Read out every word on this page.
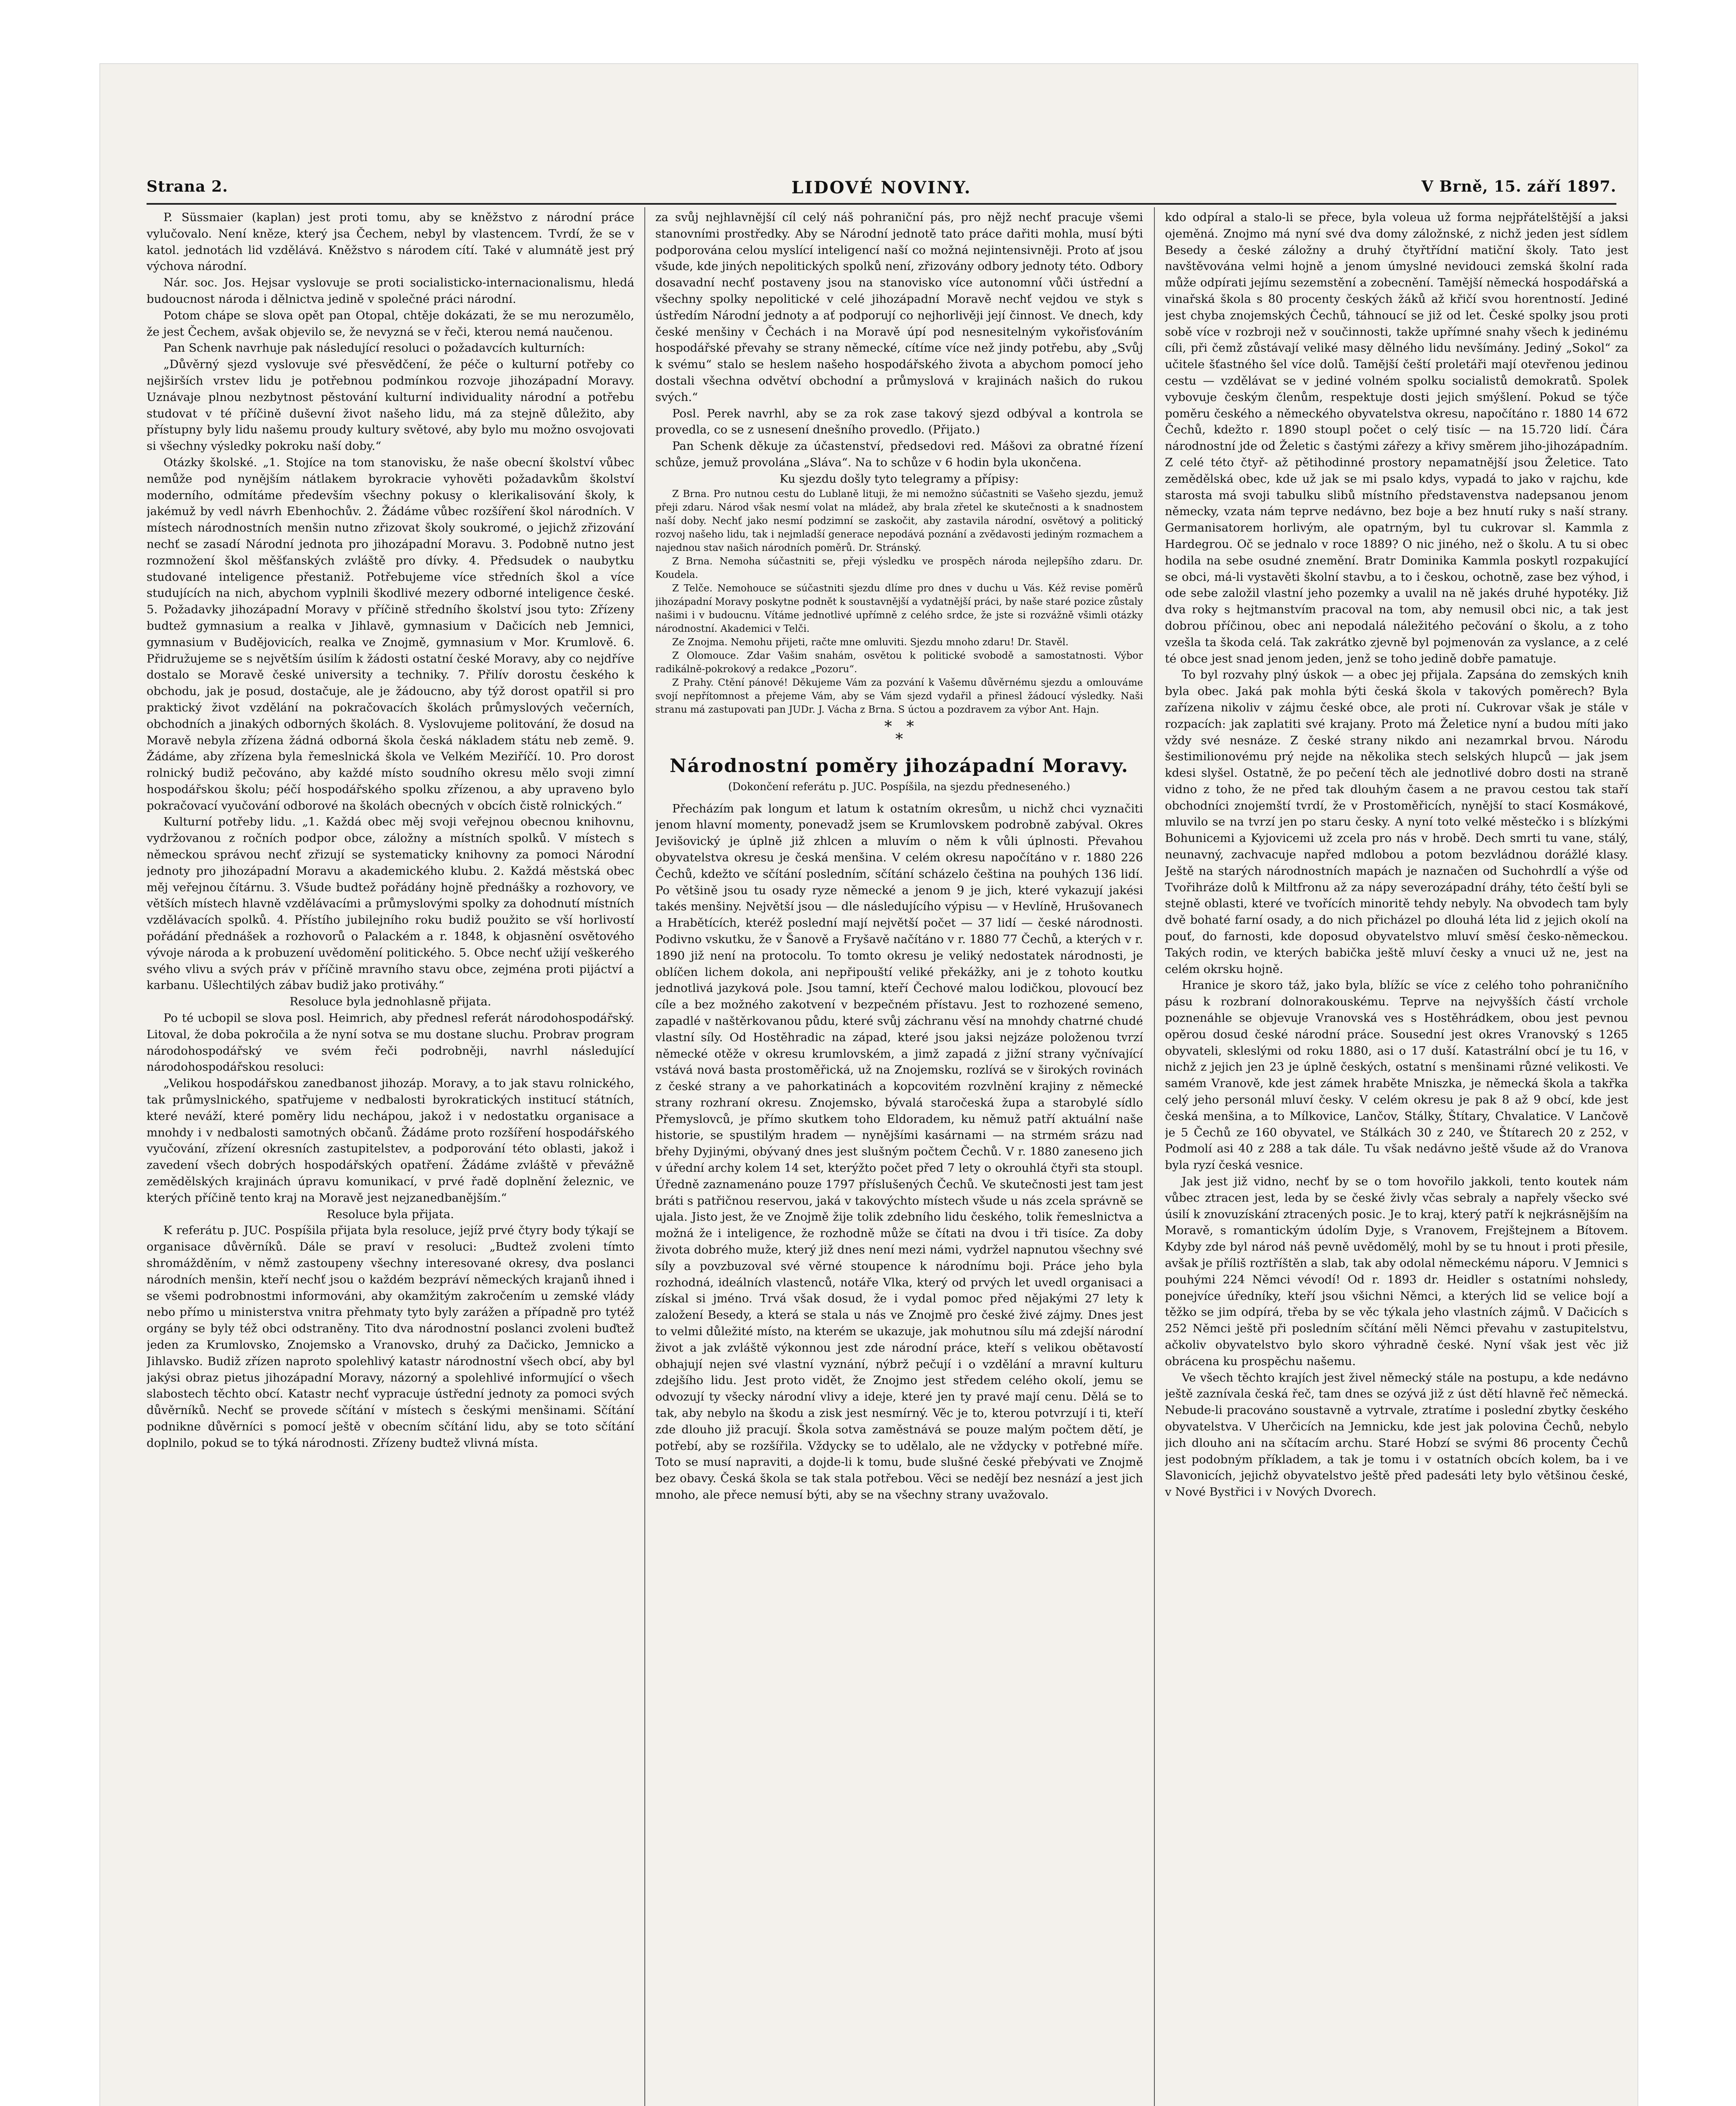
Strana 2.	LIDOVÉ NOVINY.	V Brně, 15. září 1897.

P. Süssmaier (kaplan) jest proti tomu, aby se kněžstvo z národní práce vylučovalo. Není kněze, který jsa Čechem, nebyl by vlastencem. Tvrdí, že se v katol. jednotách lid vzdělává. Kněžstvo s národem cítí. Také v alumnátě jest prý výchova národní.

Nár. soc. Jos. Hejsar vyslovuje se proti socialisticko-internacionalismu, hledá budoucnost národa i dělnictva jedině v společné práci národní.

Potom chápe se slova opět pan Otopal, chtěje dokázati, že se mu nerozumělo, že jest Čechem, avšak objevilo se, že nevyzná se v řeči, kterou nemá naučenou.

Pan Schenk navrhuje pak následující resoluci o požadavcích kulturních:

„Důvěrný sjezd vyslovuje své přesvědčení, že péče o kulturní potřeby co nejširších vrstev lidu je potřebnou podmínkou rozvoje jihozápadní Moravy. Uznávaje plnou nezbytnost pěstování kulturní individuality národní a potřebu studovat v té příčině duševní život našeho lidu, má za stejně důležito, aby přístupny byly lidu našemu proudy kultury světové, aby bylo mu možno osvojovati si všechny výsledky pokroku naší doby.“

Otázky školské. „1. Stojíce na tom stanovisku, že naše obecní školství vůbec nemůže pod nynějším nátlakem byrokracie vyhověti požadavkům školství moderního, odmítáme především všechny pokusy o klerikalisování školy, k jakémuž by vedl návrh Ebenhochův. 2. Žádáme vůbec rozšíření škol národních. V místech národnostních menšin nutno zřizovat školy soukromé, o jejichž zřizování nechť se zasadí Národní jednota pro jihozápadní Moravu. 3. Podobně nutno jest rozmnožení škol měšťanských zvláště pro dívky. 4. Předsudek o naubytku studované inteligence přestaniž. Potřebujeme více středních škol a více studujících na nich, abychom vyplnili škodlivé mezery odborné inteligence české. 5. Požadavky jihozápadní Moravy v příčině středního školství jsou tyto: Zřízeny budtež gymnasium a realka v Jihlavě, gymnasium v Dačicích neb Jemnici, gymnasium v Budějovicích, realka ve Znojmě, gymnasium v Mor. Krumlově. 6. Přidružujeme se s největším úsilím k žádosti ostatní české Moravy, aby co nejdříve dostalo se Moravě české university a techniky. 7. Přilív dorostu českého k obchodu, jak je posud, dostačuje, ale je žádoucno, aby týž dorost opatřil si pro praktický život vzdělání na pokračovacích školách průmyslových večerních, obchodních a jinakých odborných školách. 8. Vyslovujeme politování, že dosud na Moravě nebyla zřízena žádná odborná škola česká nákladem státu neb země. 9. Žádáme, aby zřízena byla řemeslnická škola ve Velkém Meziříčí. 10. Pro dorost rolnický budiž pečováno, aby každé místo soudního okresu mělo svoji zimní hospodářskou školu; péčí hospodářského spolku zřízenou, a aby upraveno bylo pokračovací vyučování odborové na školách obecných v obcích čistě rolnických.“

Kulturní potřeby lidu. „1. Každá obec měj svoji veřejnou obecnou knihovnu, vydržovanou z ročních podpor obce, záložny a místních spolků. V místech s německou správou nechť zřizují se systematicky knihovny za pomoci Národní jednoty pro jihozápadní Moravu a akademického klubu. 2. Každá městská obec měj veřejnou čítárnu. 3. Všude budtež pořádány hojně přednášky a rozhovory, ve větších místech hlavně vzdělávacími a průmyslovými spolky za dohodnutí místních vzdělávacích spolků. 4. Přístího jubilejního roku budiž použito se vší horlivostí pořádání přednášek a rozhovorů o Palackém a r. 1848, k objasnění osvětového vývoje národa a k probuzení uvědomění politického. 5. Obce nechť užijí veškerého svého vlivu a svých práv v příčině mravního stavu obce, zejména proti pijáctví a karbanu. Ušlechtilých zábav budiž jako protiváhy.“

Resoluce byla jednohlasně přijata.

Po té ucbopil se slova posl. Heimrich, aby přednesl referát národohospodářský. Litoval, že doba pokročila a že nyní sotva se mu dostane sluchu. Probrav program národohospodářský ve svém řeči podrobněji, navrhl následující národohospodářskou resoluci:

„Velikou hospodářskou zanedbanost jihozáp. Moravy, a to jak stavu rolnického, tak průmyslnického, spatřujeme v nedbalosti byrokratických institucí státních, které neváží, které poměry lidu nechápou, jakož i v nedostatku organisace a mnohdy i v nedbalosti samotných občanů. Žádáme proto rozšíření hospodářského vyučování, zřízení okresních zastupitelstev, a podporování této oblasti, jakož i zavedení všech dobrých hospodářských opatření. Žádáme zvláště v převážně zemědělských krajinách úpravu komunikací, v prvé řadě doplnění železnic, ve kterých příčině tento kraj na Moravě jest nejzanedbanějším.“

Resoluce byla přijata.

K referátu p. JUC. Pospíšila přijata byla resoluce, jejíž prvé čtyry body týkají se organisace důvěrníků. Dále se praví v resoluci: „Budtež zvoleni tímto shromážděním, v němž zastoupeny všechny interesované okresy, dva poslanci národních menšin, kteří nechť jsou o každém bezpráví německých krajanů ihned i se všemi podrobnostmi informováni, aby okamžitým zakročením u zemské vlády nebo přímo u ministerstva vnitra přehmaty tyto byly zarážen a případně pro tytéž orgány se byly též obci odstraněny. Tito dva národnostní poslanci zvoleni buďtež jeden za Krumlovsko, Znojemsko a Vranovsko, druhý za Dačicko, Jemnicko a Jihlavsko. Budiž zřízen naproto spolehlivý katastr národnostní všech obcí, aby byl jakýsi obraz pietus jihozápadní Moravy, názorný a spolehlivé informující o všech slabostech těchto obcí. Katastr nechť vypracuje ústřední jednoty za pomoci svých důvěrníků. Nechť se provede sčítání v místech s českými menšinami. Sčítání podnikne důvěrníci s pomocí ještě v obecním sčítání lidu, aby se toto sčítání doplnilo, pokud se to týká národnosti. Zřízeny budtež vlivná místa.

za svůj nejhlavnější cíl celý náš pohraniční pás, pro nějž nechť pracuje všemi stanovními prostředky. Aby se Národní jednotě tato práce dařiti mohla, musí býti podporována celou myslící inteligencí naší co možná nejintensivněji. Proto ať jsou všude, kde jiných nepolitických spolků není, zřizovány odbory jednoty této. Odbory dosavadní nechť postaveny jsou na stanovisko více autonomní vůči ústřední a všechny spolky nepolitické v celé jihozápadní Moravě nechť vejdou ve styk s ústředím Národní jednoty a ať podporují co nejhorlivěji její činnost. Ve dnech, kdy české menšiny v Čechách i na Moravě úpí pod nesnesitelným vykořisťováním hospodářské převahy se strany německé, cítíme více než jindy potřebu, aby „Svůj k svému“ stalo se heslem našeho hospodářského života a abychom pomocí jeho dostali všechna odvětví obchodní a průmyslová v krajinách našich do rukou svých.“

Posl. Perek navrhl, aby se za rok zase takový sjezd odbýval a kontrola se provedla, co se z usnesení dnešního provedlo. (Přijato.)

Pan Schenk děkuje za účastenství, předsedovi red. Mášovi za obratné řízení schůze, jemuž provolána „Sláva“. Na to schůze v 6 hodin byla ukončena.

Ku sjezdu došly tyto telegramy a přípisy:

Z Brna. Pro nutnou cestu do Lublaně lituji, že mi nemožno súčastniti se Vašeho sjezdu, jemuž přeji zdaru. Národ však nesmí volat na mládež, aby brala zřetel ke skutečnosti a k snadnostem naší doby. Nechť jako nesmí podzimní se zaskočit, aby zastavila národní, osvětový a politický rozvoj našeho lidu, tak i nejmladší generace nepodává poznání a zvědavosti jediným rozmachem a najednou stav našich národních poměrů. Dr. Stránský.

Z Brna. Nemoha súčastniti se, přeji výsledku ve prospěch národa nejlepšího zdaru. Dr. Koudela.

Z Telče. Nemohouce se súčastniti sjezdu dlíme pro dnes v duchu u Vás. Kéž revise poměrů jihozápadní Moravy poskytne podnět k soustavnější a vydatnější práci, by naše staré pozice zůstaly našimi i v budoucnu. Vítáme jednotlivé upřímně z celého srdce, že jste si rozvážně všimli otázky národnostní. Akademici v Telči.

Ze Znojma. Nemohu přijeti, račte mne omluviti. Sjezdu mnoho zdaru! Dr. Stavěl.

Z Olomouce. Zdar Vašim snahám, osvětou k politické svobodě a samostatnosti. Výbor radikálně-pokrokový a redakce „Pozoru“.

Z Prahy. Ctění pánové! Děkujeme Vám za pozvání k Vašemu důvěrnému sjezdu a omlouváme svojí nepřítomnost a přejeme Vám, aby se Vám sjezd vydařil a přinesl žádoucí výsledky. Naši stranu má zastupovati pan JUDr. J. Vácha z Brna. S úctou a pozdravem za výbor Ant. Hajn.

*   *
*
Národnostní poměry jihozápadní Moravy.
(Dokončení referátu p. JUC. Pospíšila, na sjezdu předneseného.)

Přecházím pak longum et latum k ostatním okresům, u nichž chci vyznačiti jenom hlavní momenty, ponevadž jsem se Krumlovskem podrobně zabýval. Okres Jevišovický je úplně již zhlcen a mluvím o něm k vůli úplnosti. Převahou obyvatelstva okresu je česká menšina. V celém okresu napočítáno v r. 1880 226 Čechů, kdežto ve sčítání posledním, sčítání scházelo čeština na pouhých 136 lidí. Po většině jsou tu osady ryze německé a jenom 9 je jich, které vykazují jakési takés menšiny. Největší jsou — dle následujícího výpisu — v Hevlíně, Hrušovanech a Hrabětících, kteréž poslední mají největší počet — 37 lidí — české národnosti. Podivno vskutku, že v Šanově a Fryšavě načítáno v r. 1880 77 Čechů, a kterých v r. 1890 již není na protocolu. To tomto okresu je veliký nedostatek národnosti, je oblíčen lichem dokola, ani nepřipouští veliké překážky, ani je z tohoto koutku jednotlivá jazyková pole. Jsou tamní, kteří Čechové malou lodičkou, plovoucí bez cíle a bez možného zakotvení v bezpečném přístavu. Jest to rozhozené semeno, zapadlé v naštěrkovanou půdu, které svůj záchranu věsí na mnohdy chatrné chudé vlastní síly. Od Hostěhradic na západ, které jsou jaksi nejzáze položenou tvrzí německé otěže v okresu krumlovském, a jimž zapadá z jižní strany vyčnívající vstává nová basta prostoměřická, už na Znojemsku, rozlívá se v širokých rovinách z české strany a ve pahorkatinách a kopcovitém rozvlnění krajiny z německé strany rozhraní okresu. Znojemsko, bývalá staročeská župa a starobylé sídlo Přemyslovců, je přímo skutkem toho Eldoradem, ku němuž patří aktuální naše historie, se spustilým hradem — nynějšími kasárnami — na strmém srázu nad břehy Dyjinými, obývaný dnes jest slušným počtem Čechů. V r. 1880 zaneseno jich v úřední archy kolem 14 set, kterýžto počet před 7 lety o okrouhlá čtyři sta stoupl. Úředně zaznamenáno pouze 1797 příslušených Čechů. Ve skutečnosti jest tam jest bráti s patřičnou reservou, jaká v takovýchto místech všude u nás zcela správně se ujala. Jisto jest, že ve Znojmě žije tolik zdebního lidu českého, tolik řemeslnictva a možná že i inteligence, že rozhodně může se čítati na dvou i tři tisíce. Za doby života dobrého muže, který již dnes není mezi námi, vydržel napnutou všechny své síly a povzbuzoval své věrné stoupence k národnímu boji. Práce jeho byla rozhodná, ideálních vlastenců, notáře Vlka, který od prvých let uvedl organisaci a získal si jméno. Trvá však dosud, že i vydal pomoc před nějakými 27 lety k založení Besedy, a která se stala u nás ve Znojmě pro české živé zájmy. Dnes jest to velmi důležité místo, na kterém se ukazuje, jak mohutnou sílu má zdejší národní život a jak zvláště výkonnou jest zde národní práce, kteří s velikou obětavostí obhajují nejen své vlastní vyznání, nýbrž pečují i o vzdělání a mravní kulturu zdejšího lidu. Jest proto vidět, že Znojmo jest středem celého okolí, jemu se odvozují ty všecky národní vlivy a ideje, které jen ty pravé mají cenu. Dělá se to tak, aby nebylo na škodu a zisk jest nesmírný. Věc je to, kterou potvrzují i ti, kteří zde dlouho již pracují. Škola sotva zaměstnává se pouze malým počtem dětí, je potřebí, aby se rozšířila. Vždycky se to udělalo, ale ne vždycky v potřebné míře. Toto se musí napraviti, a dojde-li k tomu, bude slušné české přebývati ve Znojmě bez obavy. Česká škola se tak stala potřebou. Věci se nedějí bez nesnází a jest jich mnoho, ale přece nemusí býti, aby se na všechny strany uvažovalo.

kdo odpíral a stalo-li se přece, byla voleua už forma nejpřátelštější a jaksi ojeměná. Znojmo má nyní své dva domy záložnské, z nichž jeden jest sídlem Besedy a české záložny a druhý čtyřtřídní matiční školy. Tato jest navštěvována velmi hojně a jenom úmyslné nevidouci zemská školní rada může odpírati jejímu sezemstění a zobecnění. Tamější německá hospodářská a vinařská škola s 80 procenty českých žáků až křičí svou horentností. Jediné jest chyba znojemských Čechů, táhnoucí se již od let. České spolky jsou proti sobě více v rozbroji než v součinnosti, takže upřímné snahy všech k jedinému cíli, při čemž zůstávají veliké masy dělného lidu nevšímány. Jediný „Sokol“ za učitele šťastného šel více dolů. Tamější čeští proletáři mají otevřenou jedinou cestu — vzdělávat se v jediné volném spolku socialistů demokratů. Spolek vybovuje českým členům, respektuje dosti jejich smýšlení. Pokud se týče poměru českého a německého obyvatelstva okresu, napočítáno r. 1880 14 672 Čechů, kdežto r. 1890 stoupl počet o celý tisíc — na 15.720 lidí. Čára národnostní jde od Želetic s častými zářezy a křivy směrem jiho-jihozápadním. Z celé této čtyř- až pětihodinné prostory nepamatnější jsou Želetice. Tato zemědělská obec, kde už jak se mi psalo kdys, vypadá to jako v rajchu, kde starosta má svoji tabulku slibů místního představenstva nadepsanou jenom německy, vzata nám teprve nedávno, bez boje a bez hnutí ruky s naší strany. Germanisatorem horlivým, ale opatrným, byl tu cukrovar sl. Kammla z Hardegrou. Oč se jednalo v roce 1889? O nic jiného, než o školu. A tu si obec hodila na sebe osudné znemění. Bratr Dominika Kammla poskytl rozpakující se obci, má-li vystavěti školní stavbu, a to i českou, ochotně, zase bez výhod, i ode sebe založil vlastní jeho pozemky a uvalil na ně jakés druhé hypotéky. Již dva roky s hejtmanstvím pracoval na tom, aby nemusil obci nic, a tak jest dobrou příčinou, obec ani nepodalá náležitého pečování o školu, a z toho vzešla ta škoda celá. Tak zakrátko zjevně byl pojmenován za vyslance, a z celé té obce jest snad jenom jeden, jenž se toho jedině dobře pamatuje.

To byl rozvahy plný úskok — a obec jej přijala. Zapsána do zemských knih byla obec. Jaká pak mohla býti česká škola v takových poměrech? Byla zařízena nikoliv v zájmu české obce, ale proti ní. Cukrovar však je stále v rozpacích: jak zaplatiti své krajany. Proto má Želetice nyní a budou míti jako vždy své nesnáze. Z české strany nikdo ani nezamrkal brvou. Národu šestimilionovému prý nejde na několika stech selských hlupců — jak jsem kdesi slyšel. Ostatně, že po pečení těch ale jednotlivé dobro dosti na straně vidno z toho, že ne před tak dlouhým časem a ne pravou cestou tak staří obchodníci znojemští tvrdí, že v Prostoměřicích, nynější to stací Kosmákové, mluvilo se na tvrzí jen po staru česky. A nyní toto velké městečko i s blízkými Bohunicemi a Kyjovicemi už zcela pro nás v hrobě. Dech smrti tu vane, stálý, neunavný, zachvacuje napřed mdlobou a potom bezvládnou dorážlé klasy. Ještě na starých národnostních mapách je naznačen od Suchohrdlí a výše od Tvořihráze dolů k Miltfronu až za nápy severozápadní dráhy, této čeští byli se stejně oblasti, které ve tvořících minoritě tehdy nebyly. Na obvodech tam byly dvě bohaté farní osady, a do nich přicházel po dlouhá léta lid z jejich okolí na pouť, do farnosti, kde doposud obyvatelstvo mluví směsí česko-německou. Takých rodin, ve kterých babička ještě mluví česky a vnuci už ne, jest na celém okrsku hojně.

Hranice je skoro táž, jako byla, blížíc se více z celého toho pohraničního pásu k rozbraní dolnorakouskému. Teprve na nejvyšších částí vrchole poznenáhle se objevuje Vranovská ves s Hostěhrádkem, obou jest pevnou opěrou dosud české národní práce. Sousední jest okres Vranovský s 1265 obyvateli, skleslými od roku 1880, asi o 17 duší. Katastrální obcí je tu 16, v nichž z jejich jen 23 je úplně českých, ostatní s menšinami různé velikosti. Ve samém Vranově, kde jest zámek hraběte Mniszka, je německá škola a takřka celý jeho personál mluví česky. V celém okresu je pak 8 až 9 obcí, kde jest česká menšina, a to Mílkovice, Lančov, Stálky, Štítary, Chvalatice. V Lančově je 5 Čechů ze 160 obyvatel, ve Stálkách 30 z 240, ve Štítarech 20 z 252, v Podmolí asi 40 z 288 a tak dále. Tu však nedávno ještě všude až do Vranova byla ryzí česká vesnice.

Jak jest již vidno, nechť by se o tom hovořilo jakkoli, tento koutek nám vůbec ztracen jest, leda by se české živly včas sebraly a napřely všecko své úsilí k znovuzískání ztracených posic. Je to kraj, který patří k nejkrásnějším na Moravě, s romantickým údolím Dyje, s Vranovem, Frejštejnem a Bítovem. Kdyby zde byl národ náš pevně uvědomělý, mohl by se tu hnout i proti přesile, avšak je příliš roztříštěn a slab, tak aby odolal německému náporu. V Jemnici s pouhými 224 Němci vévodí! Od r. 1893 dr. Heidler s ostatními nohsledy, ponejvíce úředníky, kteří jsou všichni Němci, a kterých lid se velice bojí a těžko se jim odpírá, třeba by se věc týkala jeho vlastních zájmů. V Dačicích s 252 Němci ještě při posledním sčítání měli Němci převahu v zastupitelstvu, ačkoliv obyvatelstvo bylo skoro výhradně české. Nyní však jest věc již obrácena ku prospěchu našemu.

Ve všech těchto krajích jest živel německý stále na postupu, a kde nedávno ještě zaznívala česká řeč, tam dnes se ozývá již z úst dětí hlavně řeč německá. Nebude-li pracováno soustavně a vytrvale, ztratíme i poslední zbytky českého obyvatelstva. V Uherčicích na Jemnicku, kde jest jak polovina Čechů, nebylo jich dlouho ani na sčítacím archu. Staré Hobzí se svými 86 procenty Čechů jest podobným příkladem, a tak je tomu i v ostatních obcích kolem, ba i ve Slavonicích, jejichž obyvatelstvo ještě před padesáti lety bylo většinou české, v Nové Bystřici i v Nových Dvorech.
